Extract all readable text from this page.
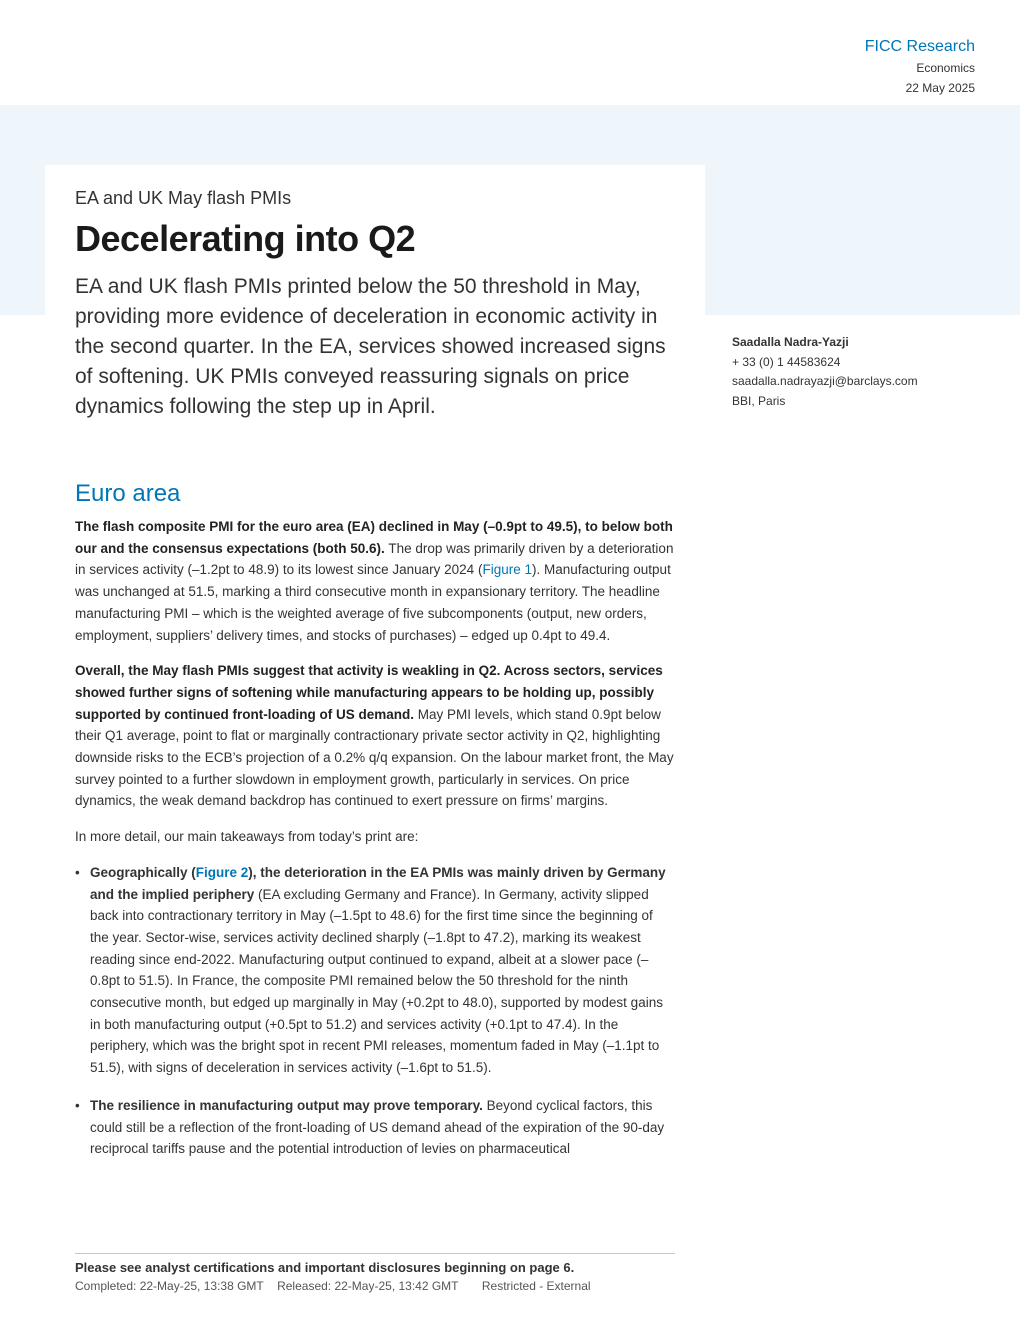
FICC Research
Economics
22 May 2025
EA and UK May flash PMIs
Decelerating into Q2

EA and UK flash PMIs printed below the 50 threshold in May, providing more evidence of deceleration in economic activity in the second quarter. In the EA, services showed increased signs of softening. UK PMIs conveyed reassuring signals on price dynamics following the step up in April.

Saadalla Nadra-Yazji
+ 33 (0) 1 44583624
saadalla.nadrayazji@barclays.com
BBI, Paris
Euro area

The flash composite PMI for the euro area (EA) declined in May (–0.9pt to 49.5), to below both our and the consensus expectations (both 50.6). The drop was primarily driven by a deterioration in services activity (–1.2pt to 48.9) to its lowest since January 2024 (Figure 1). Manufacturing output was unchanged at 51.5, marking a third consecutive month in expansionary territory. The headline manufacturing PMI – which is the weighted average of five subcomponents (output, new orders, employment, suppliers’ delivery times, and stocks of purchases) – edged up 0.4pt to 49.4.

Overall, the May flash PMIs suggest that activity is weakling in Q2. Across sectors, services showed further signs of softening while manufacturing appears to be holding up, possibly supported by continued front-loading of US demand. May PMI levels, which stand 0.9pt below their Q1 average, point to flat or marginally contractionary private sector activity in Q2, highlighting downside risks to the ECB’s projection of a 0.2% q/q expansion. On the labour market front, the May survey pointed to a further slowdown in employment growth, particularly in services. On price dynamics, the weak demand backdrop has continued to exert pressure on firms’ margins.

In more detail, our main takeaways from today’s print are:

• Geographically (Figure 2), the deterioration in the EA PMIs was mainly driven by Germany and the implied periphery (EA excluding Germany and France). In Germany, activity slipped back into contractionary territory in May (–1.5pt to 48.6) for the first time since the beginning of the year. Sector-wise, services activity declined sharply (–1.8pt to 47.2), marking its weakest reading since end-2022. Manufacturing output continued to expand, albeit at a slower pace (–0.8pt to 51.5). In France, the composite PMI remained below the 50 threshold for the ninth consecutive month, but edged up marginally in May (+0.2pt to 48.0), supported by modest gains in both manufacturing output (+0.5pt to 51.2) and services activity (+0.1pt to 47.4). In the periphery, which was the bright spot in recent PMI releases, momentum faded in May (–1.1pt to 51.5), with signs of deceleration in services activity (–1.6pt to 51.5).
• The resilience in manufacturing output may prove temporary. Beyond cyclical factors, this could still be a reflection of the front-loading of US demand ahead of the expiration of the 90-day reciprocal tariffs pause and the potential introduction of levies on pharmaceutical
Please see analyst certifications and important disclosures beginning on page 6.
Completed: 22-May-25, 13:38 GMT Released: 22-May-25, 13:42 GMT Restricted - External
